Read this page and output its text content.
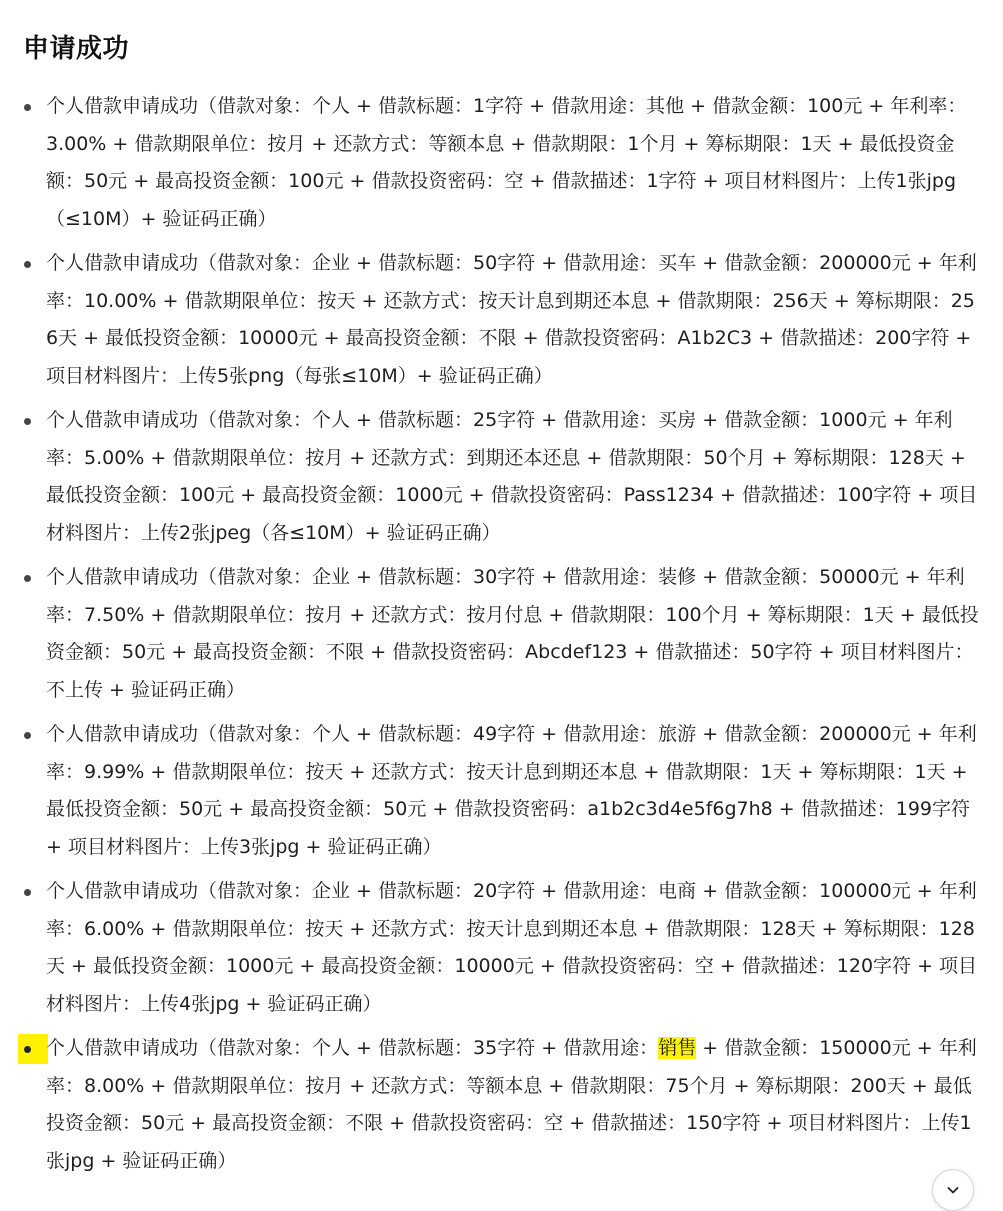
申请成功
个人借款申请成功（借款对象：个人 + 借款标题：1字符 + 借款用途：其他 + 借款金额：100元 + 年利率：3.00% + 借款期限单位：按月 + 还款方式：等额本息 + 借款期限：1个月 + 筹标期限：1天 + 最低投资金额：50元 + 最高投资金额：100元 + 借款投资密码：空 + 借款描述：1字符 + 项目材料图片：上传1张jpg（≤10M）+ 验证码正确）
个人借款申请成功（借款对象：企业 + 借款标题：50字符 + 借款用途：买车 + 借款金额：200000元 + 年利率：10.00% + 借款期限单位：按天 + 还款方式：按天计息到期还本息 + 借款期限：256天 + 筹标期限：256天 + 最低投资金额：10000元 + 最高投资金额：不限 + 借款投资密码：A1b2C3 + 借款描述：200字符 + 项目材料图片：上传5张png（每张≤10M）+ 验证码正确）
个人借款申请成功（借款对象：个人 + 借款标题：25字符 + 借款用途：买房 + 借款金额：1000元 + 年利率：5.00% + 借款期限单位：按月 + 还款方式：到期还本还息 + 借款期限：50个月 + 筹标期限：128天 + 最低投资金额：100元 + 最高投资金额：1000元 + 借款投资密码：Pass1234 + 借款描述：100字符 + 项目材料图片：上传2张jpeg（各≤10M）+ 验证码正确）
个人借款申请成功（借款对象：企业 + 借款标题：30字符 + 借款用途：装修 + 借款金额：50000元 + 年利率：7.50% + 借款期限单位：按月 + 还款方式：按月付息 + 借款期限：100个月 + 筹标期限：1天 + 最低投资金额：50元 + 最高投资金额：不限 + 借款投资密码：Abcdef123 + 借款描述：50字符 + 项目材料图片：不上传 + 验证码正确）
个人借款申请成功（借款对象：个人 + 借款标题：49字符 + 借款用途：旅游 + 借款金额：200000元 + 年利率：9.99% + 借款期限单位：按天 + 还款方式：按天计息到期还本息 + 借款期限：1天 + 筹标期限：1天 + 最低投资金额：50元 + 最高投资金额：50元 + 借款投资密码：a1b2c3d4e5f6g7h8 + 借款描述：199字符 + 项目材料图片：上传3张jpg + 验证码正确）
个人借款申请成功（借款对象：企业 + 借款标题：20字符 + 借款用途：电商 + 借款金额：100000元 + 年利率：6.00% + 借款期限单位：按天 + 还款方式：按天计息到期还本息 + 借款期限：128天 + 筹标期限：128天 + 最低投资金额：1000元 + 最高投资金额：10000元 + 借款投资密码：空 + 借款描述：120字符 + 项目材料图片：上传4张jpg + 验证码正确）
个人借款申请成功（借款对象：个人 + 借款标题：35字符 + 借款用途：销售 + 借款金额：150000元 + 年利率：8.00% + 借款期限单位：按月 + 还款方式：等额本息 + 借款期限：75个月 + 筹标期限：200天 + 最低投资金额：50元 + 最高投资金额：不限 + 借款投资密码：空 + 借款描述：150字符 + 项目材料图片：上传1张jpg + 验证码正确）
